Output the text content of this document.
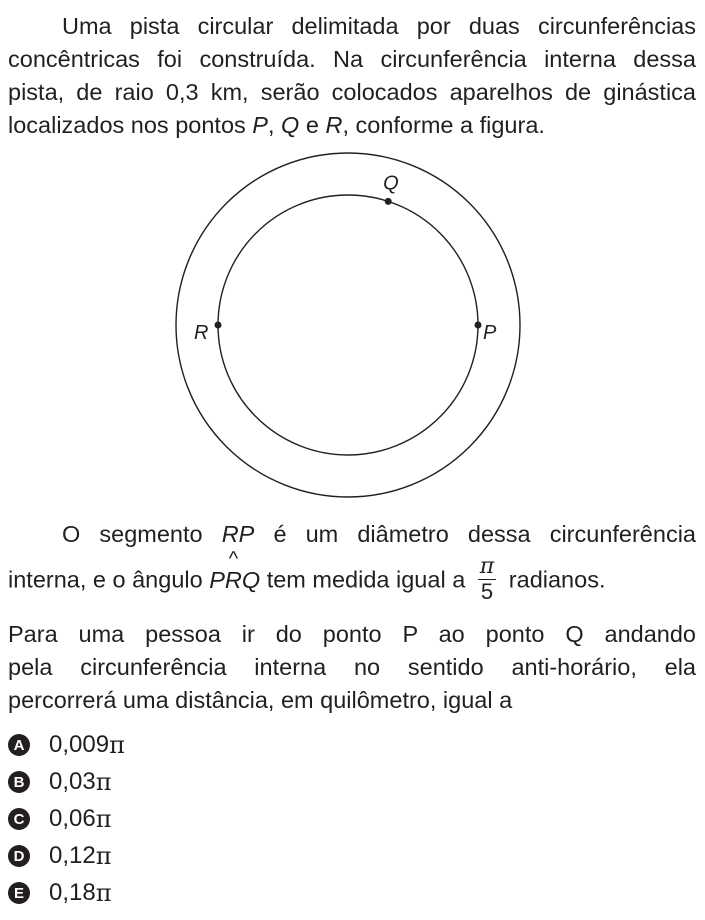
Uma pista circular delimitada por duas circunferências
concêntricas foi construída. Na circunferência interna dessa
pista, de raio 0,3 km, serão colocados aparelhos de ginástica
localizados nos pontos P, Q e R, conforme a figura.
Q
R	P
O segmento RP é um diâmetro dessa circunferência
interna, e o ângulo PR
^
Q tem medida igual a $\frac{\pi}{5}$ radianos.
Para uma pessoa ir do ponto P ao ponto Q andando
pela circunferência interna no sentido anti-horário, ela
percorrerá uma distância, em quilômetro, igual a
A 0,009 π
B 0,03 π
C 0,06 π
D 0,12 π
E 0,18 π
